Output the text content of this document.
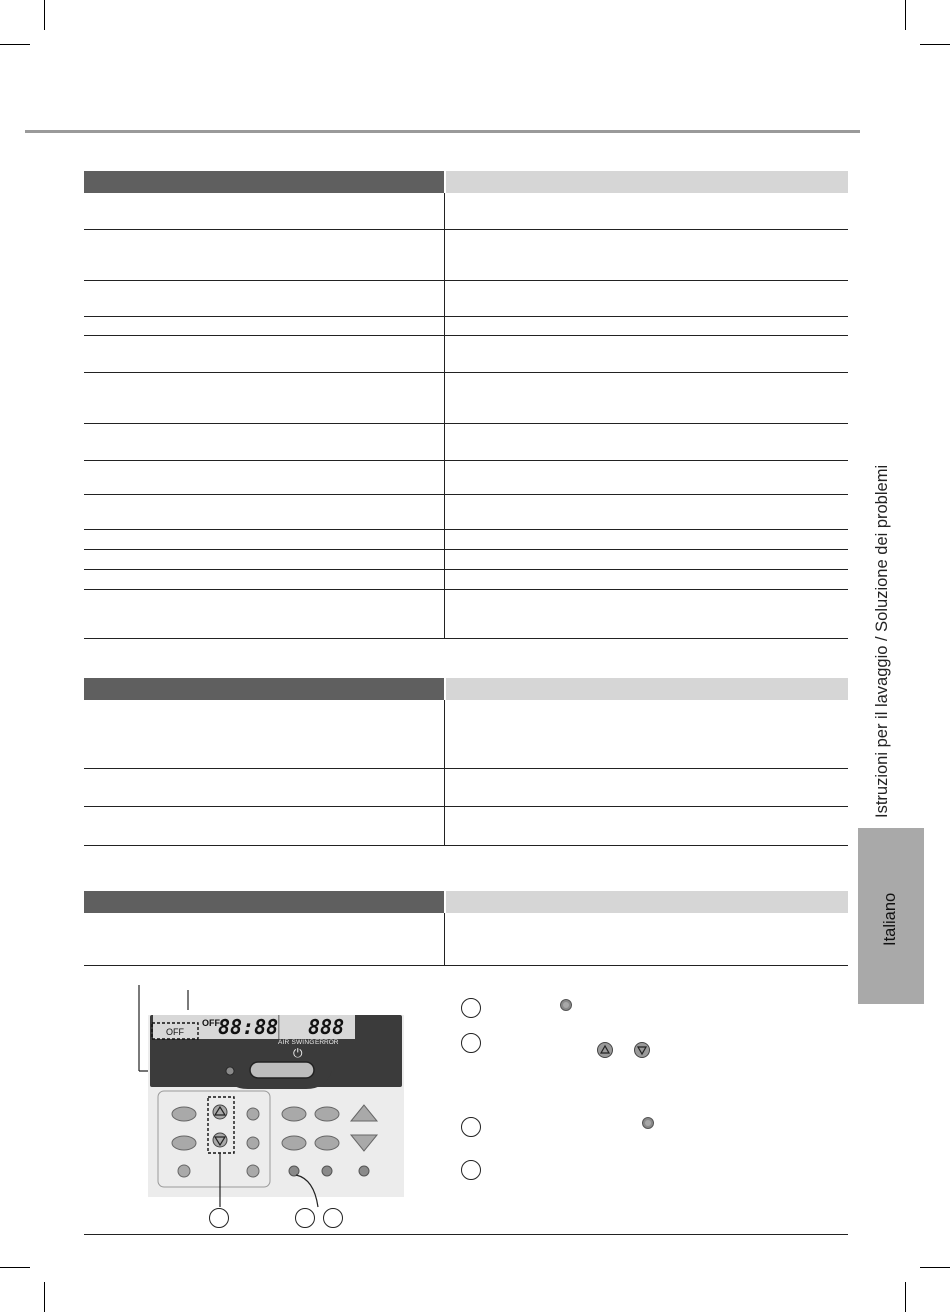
Istruzioni per il lavaggio / Soluzione dei problemi
Italiano
OFF
OFF
88:88 888
AIR SWING ERROR
⏻
